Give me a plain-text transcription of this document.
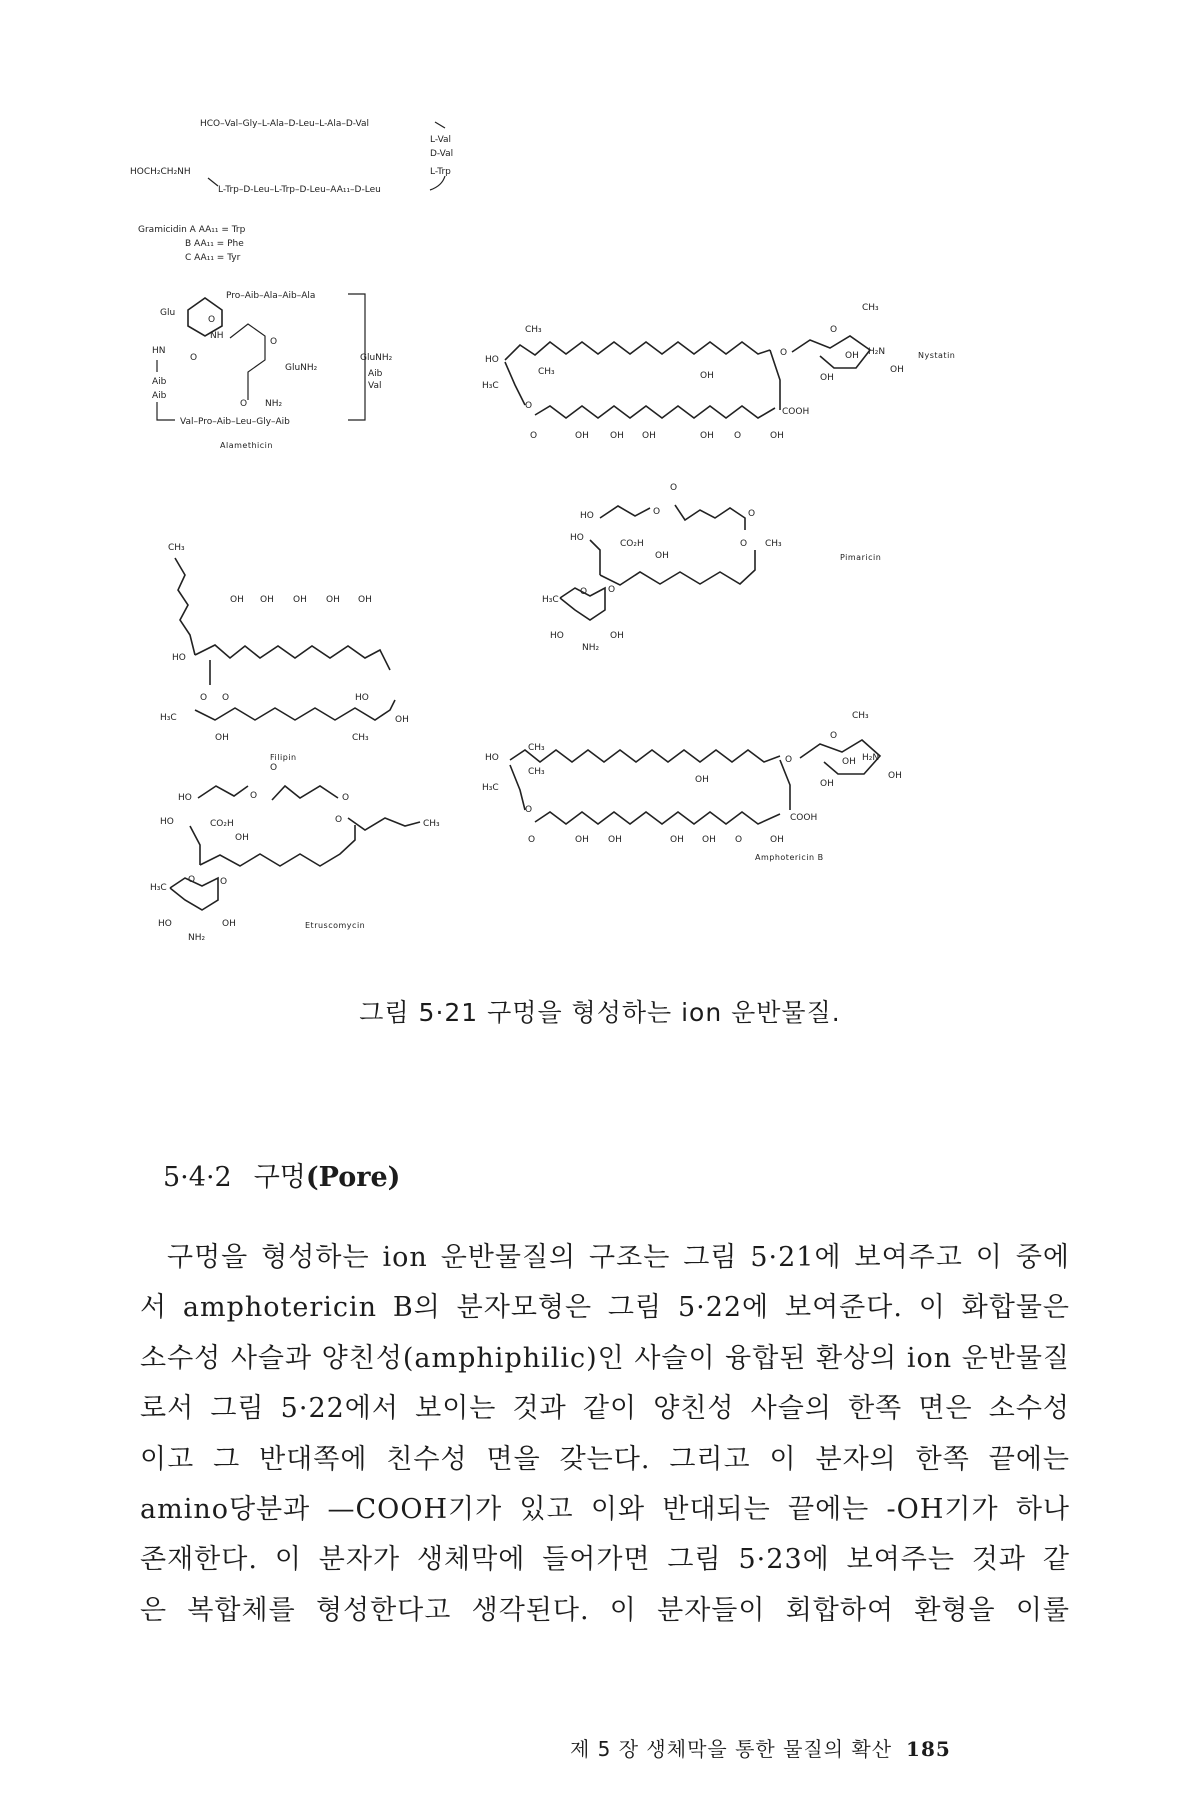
HCO–Val–Gly–L-Ala–D-Leu–L-Ala–D-Val
L-Val
D-Val
HOCH₂CH₂NH	L-Trp
L-Trp–D-Leu–L-Trp–D-Leu–AA₁₁–D-Leu
Gramicidin A AA₁₁ = Trp
B AA₁₁ = Phe
C AA₁₁ = Tyr
Glu
Pro–Aib–Ala–Aib–Ala
O
NH
HN
O
O
GluNH₂
GluNH₂
Aib
Val
O NH₂
Aib
Aib
Val–Pro–Aib–Leu–Gly–Aib
Alamethicin
HO
CH₃
O
CH₃
O
OH H₂N
OH
OH
Nystatin
H₃C
CH₃
O
OH
COOH
O	OH OH OH	OH O	OH
HO
O
O	O
HO
CO₂H
OH
O CH₃
Pimaricin
H₃C
O O
HO	OH
NH₂
CH₃
OH OH OH OH OH
HO
O O	HO
H₃C	OH
OH	CH₃
Filipin	HO
CH₃
O
CH₃
O
OH H₂N
OH
OH
H₃C
CH₃
O
OH
COOH
O	OH OH	OH OH O	OH
Amphotericin B
HO	O
O
O
HO	CO₂H
OH
O	CH₃
H₃C
O	O
HO	OH
NH₂
Etruscomycin
그림 5·21 구멍을 형성하는 ion 운반물질.
5·4·2 구멍(Pore)
구멍을 형성하는 ion 운반물질의 구조는 그림 5·21에 보여주고 이 중에
서 amphotericin B의 분자모형은 그림 5·22에 보여준다. 이 화합물은
소수성 사슬과 양친성(amphiphilic)인 사슬이 융합된 환상의 ion 운반물질
로서 그림 5·22에서 보이는 것과 같이 양친성 사슬의 한쪽 면은 소수성
이고 그 반대쪽에 친수성 면을 갖는다. 그리고 이 분자의 한쪽 끝에는
amino당분과 —COOH기가 있고 이와 반대되는 끝에는 -OH기가 하나
존재한다. 이 분자가 생체막에 들어가면 그림 5·23에 보여주는 것과 같
은 복합체를 형성한다고 생각된다. 이 분자들이 회합하여 환형을 이룰
제 5 장 생체막을 통한 물질의 확산 185
